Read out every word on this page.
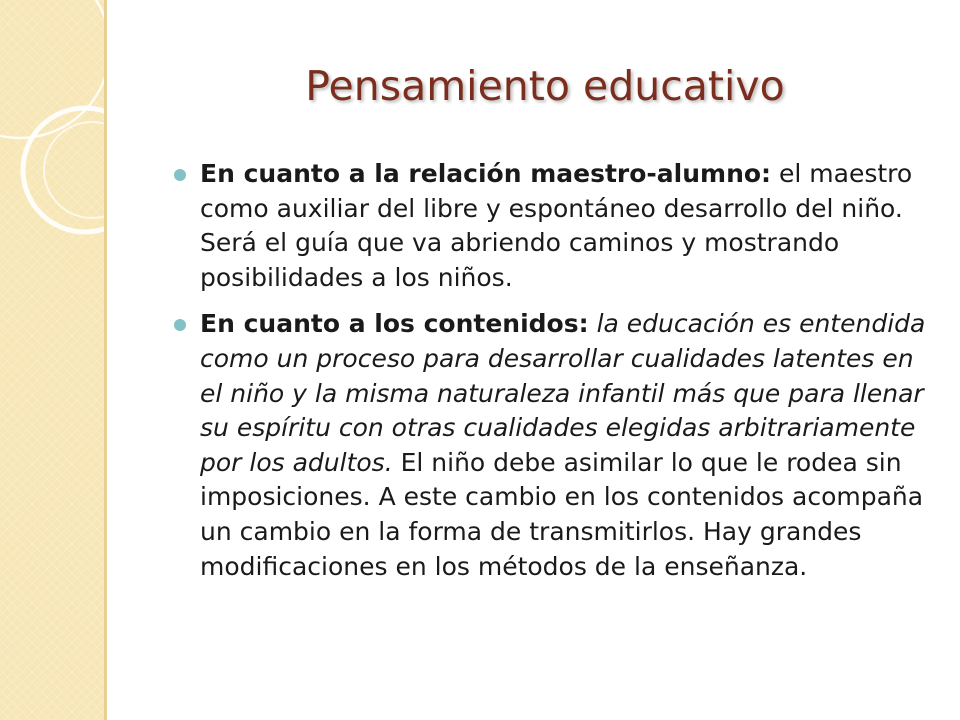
Pensamiento educativo
En cuanto a la relación maestro-alumno: el maestro como auxiliar del libre y espontáneo desarrollo del niño. Será el guía que va abriendo caminos y mostrando posibilidades a los niños.
En cuanto a los contenidos: la educación es entendida como un proceso para desarrollar cualidades latentes en el niño y la misma naturaleza infantil más que para llenar su espíritu con otras cualidades elegidas arbitrariamente por los adultos. El niño debe asimilar lo que le rodea sin imposiciones. A este cambio en los contenidos acompaña un cambio en la forma de transmitirlos. Hay grandes modificaciones en los métodos de la enseñanza.
